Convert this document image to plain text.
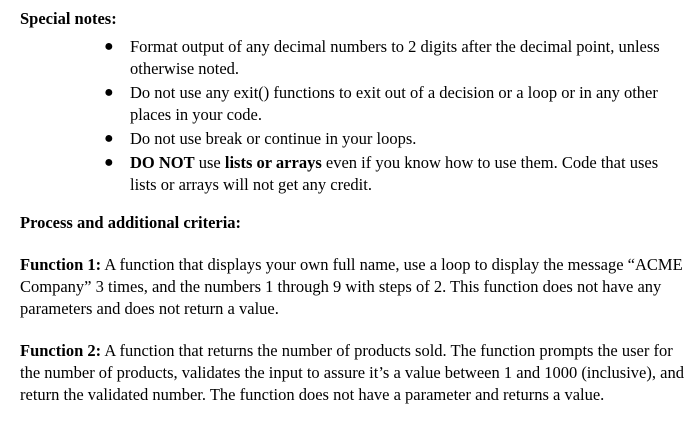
Special notes:

● Format output of any decimal numbers to 2 digits after the decimal point, unless otherwise noted.
● Do not use any exit() functions to exit out of a decision or a loop or in any other places in your code.
● Do not use break or continue in your loops.
● DO NOT use lists or arrays even if you know how to use them. Code that uses lists or arrays will not get any credit.

Process and additional criteria:

Function 1: A function that displays your own full name, use a loop to display the message “ACME Company” 3 times, and the numbers 1 through 9 with steps of 2. This function does not have any parameters and does not return a value.

Function 2: A function that returns the number of products sold. The function prompts the user for the number of products, validates the input to assure it’s a value between 1 and 1000 (inclusive), and return the validated number. The function does not have a parameter and returns a value.
